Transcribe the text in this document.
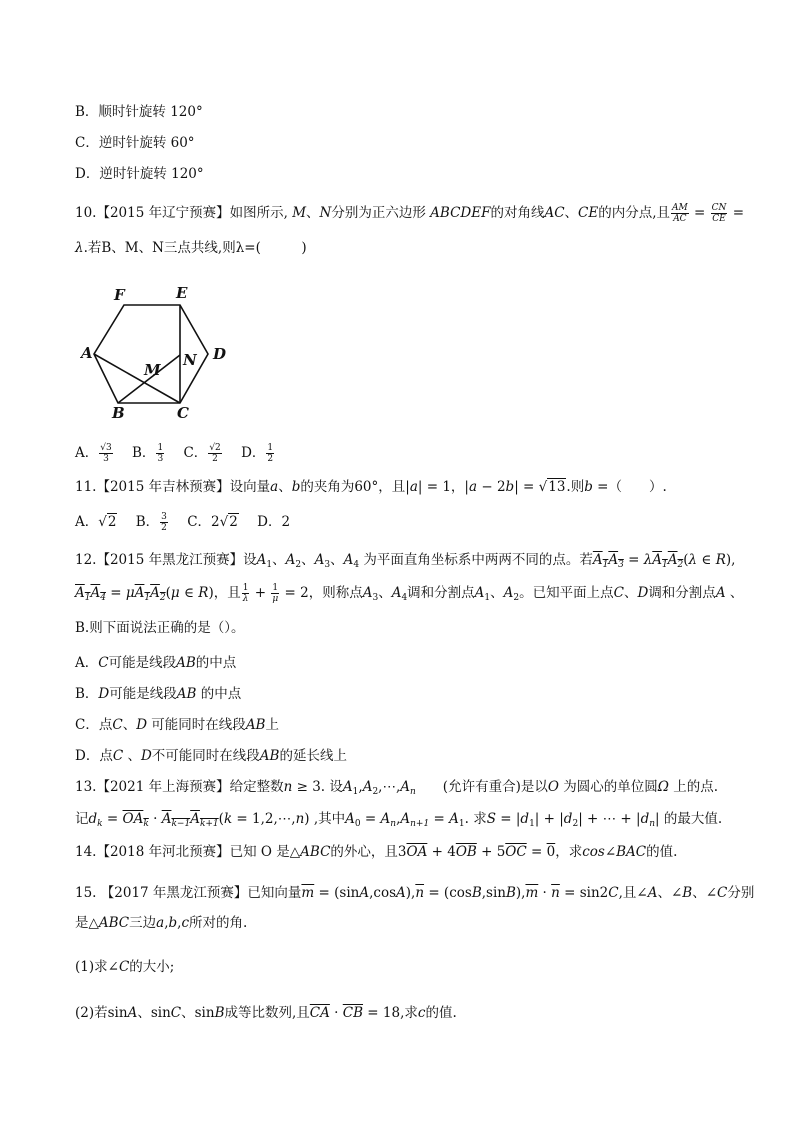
B．顺时针旋转 120°
C．逆时针旋转 60°
D．逆时针旋转 120°
10.【2015 年辽宁预赛】如图所示, M、N分别为正六边形 ABCDEF的对角线AC、CE的内分点,且 $\frac{AM}{AC} = \frac{CN}{CE}$ =
λ.若B、M、N三点共线,则λ=(　　　)
F	E
A	D
M
N
B	C
A． $\frac{√3}{3}$ B． $\frac{1}{3}$ C． $\frac{√2}{2}$ D． $\frac{1}{2}$
11.【2015 年吉林预赛】设向量a、b的夹角为60°，且|a| = 1，|a − 2b| = √13.则b =（　　）.
A．√2 B． $\frac{3}{2}$ C．2√2 D．2
12.【2015 年黑龙江预赛】设$A_1$、$A_2$、$A_3$、$A_4$ 为平面直角坐标系中两两不同的点。若$A_1A_3 = \lambda A_1A_2(\lambda$ ∈ R),
$A_1A_4 = \mu A_1A_2(\mu$ ∈ R)，且 $\frac{1}{\lambda} + \frac{1}{\mu} = 2$，则称点$A_3$、$A_4$调和分割点$A_1$、$A_2$。已知平面上点C、D调和分割点A 、
B.则下面说法正确的是（）。
A．C可能是线段AB的中点
B．D可能是线段AB 的中点
C．点C、D 可能同时在线段AB上
D．点C 、D不可能同时在线段AB的延长线上
13.【2021 年上海预赛】给定整数n ≥ 3. 设$A_1,A_2,\cdots,A_n$　　(允许有重合)是以O 为圆心的单位圆Ω 上的点.
记$d_k = OA_k \cdot A_{k-1}A_{k+1}(k$ = 1,2,⋯,n) ,其中$A_0 = A_n,A_{n+1} = A_1$. 求$S = |d_1| + |d_2|$ + ⋯ + $|d_n|$ 的最大值.
14.【2018 年河北预赛】已知 O 是△ABC的外心，且$3\overline{OA} + 4\overline{OB} + 5\overline{OC} = 0$，求cos∠BAC的值.
15. 【2017 年黑龙江预赛】已知向量$\overline{m} = (\sin A,\cos A),\overline{n} = (\cos B,\sin B),\overline{m} \cdot \overline{n} = \sin 2C$,且∠A、∠B、∠C分别
是△ABC三边a,b,c所对的角.
(1)求∠C的大小;
(2)若sinA、sinC、sinB成等比数列,且$\overline{CA} \cdot \overline{CB} = 18$,求c的值.
